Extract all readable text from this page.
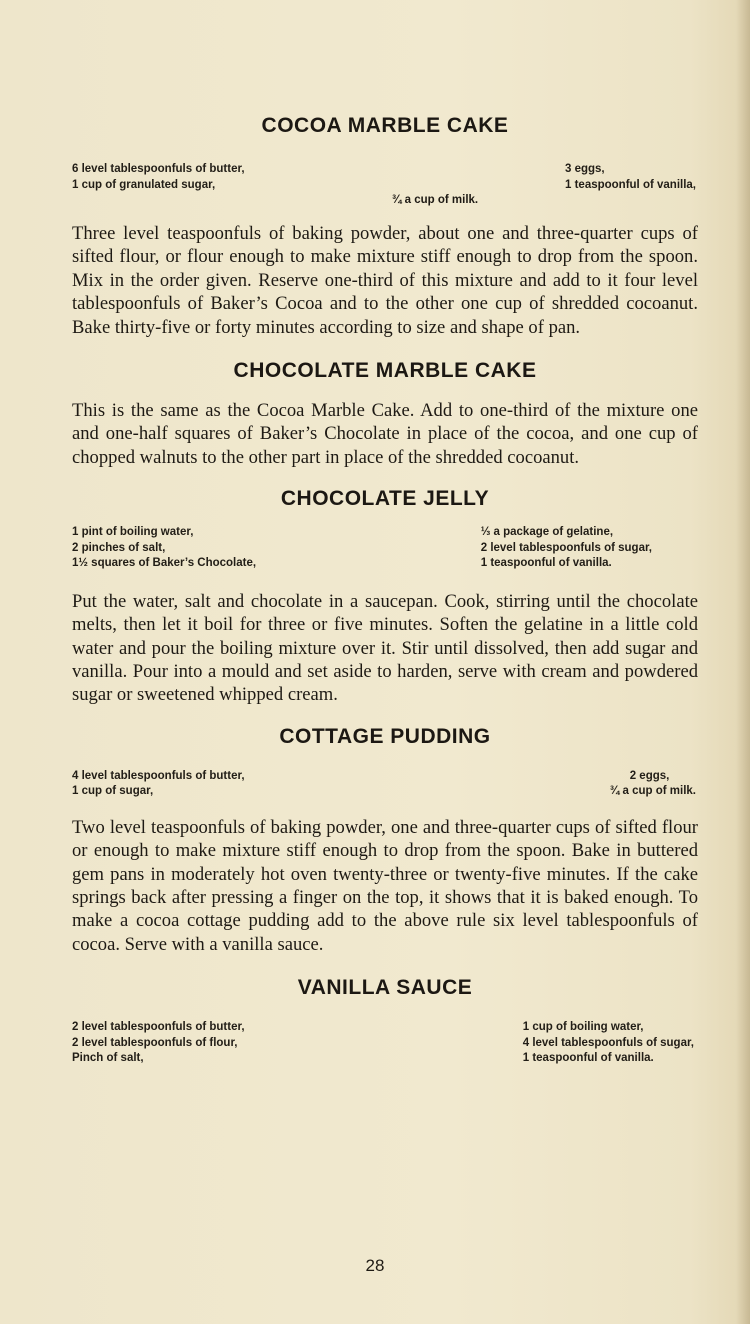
COCOA MARBLE CAKE
6 level tablespoonfuls of butter,
1 cup of granulated sugar,
3 eggs,
1 teaspoonful of vanilla,
¾ a cup of milk.

Three level teaspoonfuls of baking powder, about one and three-quarter cups of sifted flour, or flour enough to make mixture stiff enough to drop from the spoon. Mix in the order given. Reserve one-third of this mixture and add to it four level tablespoonfuls of Baker’s Cocoa and to the other one cup of shredded cocoanut. Bake thirty-five or forty minutes according to size and shape of pan.

CHOCOLATE MARBLE CAKE

This is the same as the Cocoa Marble Cake. Add to one-third of the mixture one and one-half squares of Baker’s Chocolate in place of the cocoa, and one cup of chopped walnuts to the other part in place of the shredded cocoanut.

CHOCOLATE JELLY
1 pint of boiling water,
2 pinches of salt,
1½ squares of Baker’s Chocolate,
⅓ a package of gelatine,
2 level tablespoonfuls of sugar,
1 teaspoonful of vanilla.

Put the water, salt and chocolate in a saucepan. Cook, stirring until the chocolate melts, then let it boil for three or five minutes. Soften the gelatine in a little cold water and pour the boiling mixture over it. Stir until dissolved, then add sugar and vanilla. Pour into a mould and set aside to harden, serve with cream and powdered sugar or sweetened whipped cream.

COTTAGE PUDDING
4 level tablespoonfuls of butter,
1 cup of sugar,
2 eggs,
¾ a cup of milk.

Two level teaspoonfuls of baking powder, one and three-quarter cups of sifted flour or enough to make mixture stiff enough to drop from the spoon. Bake in buttered gem pans in moderately hot oven twenty-three or twenty-five minutes. If the cake springs back after pressing a finger on the top, it shows that it is baked enough. To make a cocoa cottage pudding add to the above rule six level tablespoonfuls of cocoa. Serve with a vanilla sauce.

VANILLA SAUCE
2 level tablespoonfuls of butter,
2 level tablespoonfuls of flour,
Pinch of salt,
1 cup of boiling water,
4 level tablespoonfuls of sugar,
1 teaspoonful of vanilla.
28
